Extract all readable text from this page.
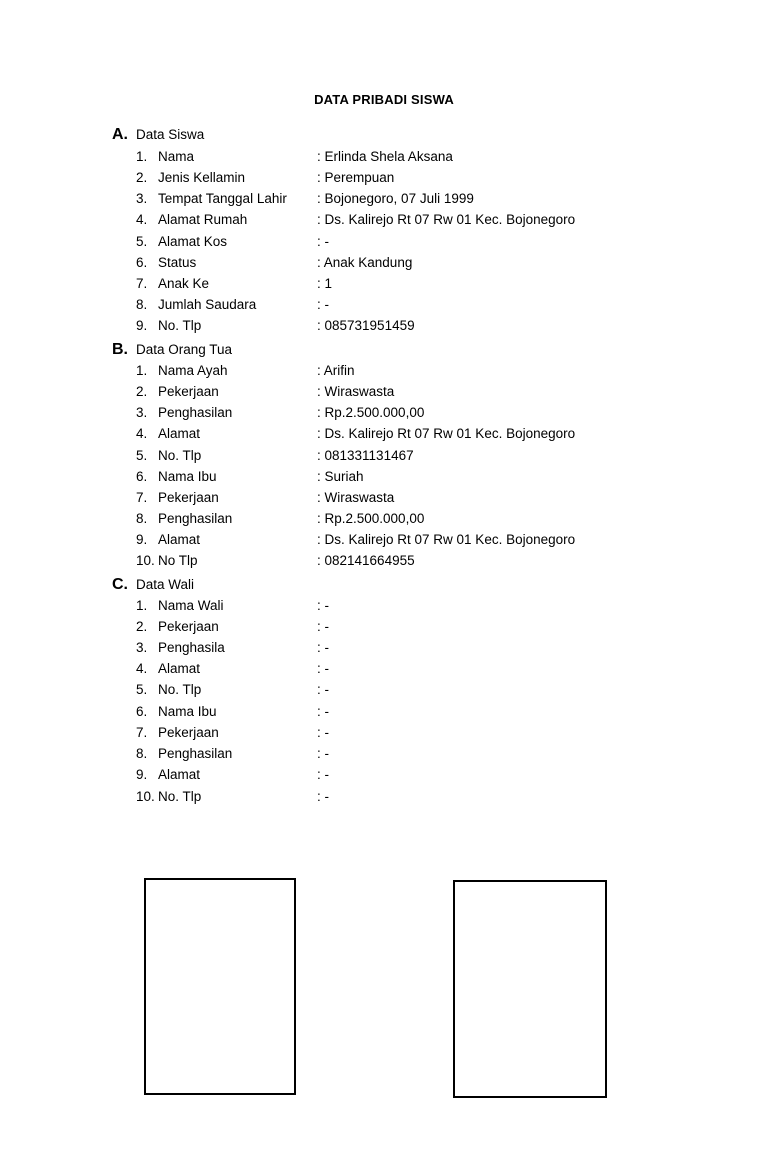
DATA PRIBADI SISWA
A. Data Siswa
1. Nama	: Erlinda Shela Aksana
2. Jenis Kellamin	: Perempuan
3. Tempat Tanggal Lahir : Bojonegoro, 07 Juli 1999
4. Alamat Rumah	: Ds. Kalirejo Rt 07 Rw 01 Kec. Bojonegoro
5. Alamat Kos	: -
6. Status	: Anak Kandung
7. Anak Ke	: 1
8. Jumlah Saudara	: -
9. No. Tlp	: 085731951459
B. Data Orang Tua
1. Nama Ayah	: Arifin
2. Pekerjaan	: Wiraswasta
3. Penghasilan	: Rp.2.500.000,00
4. Alamat	: Ds. Kalirejo Rt 07 Rw 01 Kec. Bojonegoro
5. No. Tlp	: 081331131467
6. Nama Ibu	: Suriah
7. Pekerjaan	: Wiraswasta
8. Penghasilan	: Rp.2.500.000,00
9. Alamat	: Ds. Kalirejo Rt 07 Rw 01 Kec. Bojonegoro
10. No Tlp	: 082141664955
C. Data Wali
1. Nama Wali	: -
2. Pekerjaan	: -
3. Penghasila	: -
4. Alamat	: -
5. No. Tlp	: -
6. Nama Ibu	: -
7. Pekerjaan	: -
8. Penghasilan	: -
9. Alamat	: -
10. No. Tlp	: -
